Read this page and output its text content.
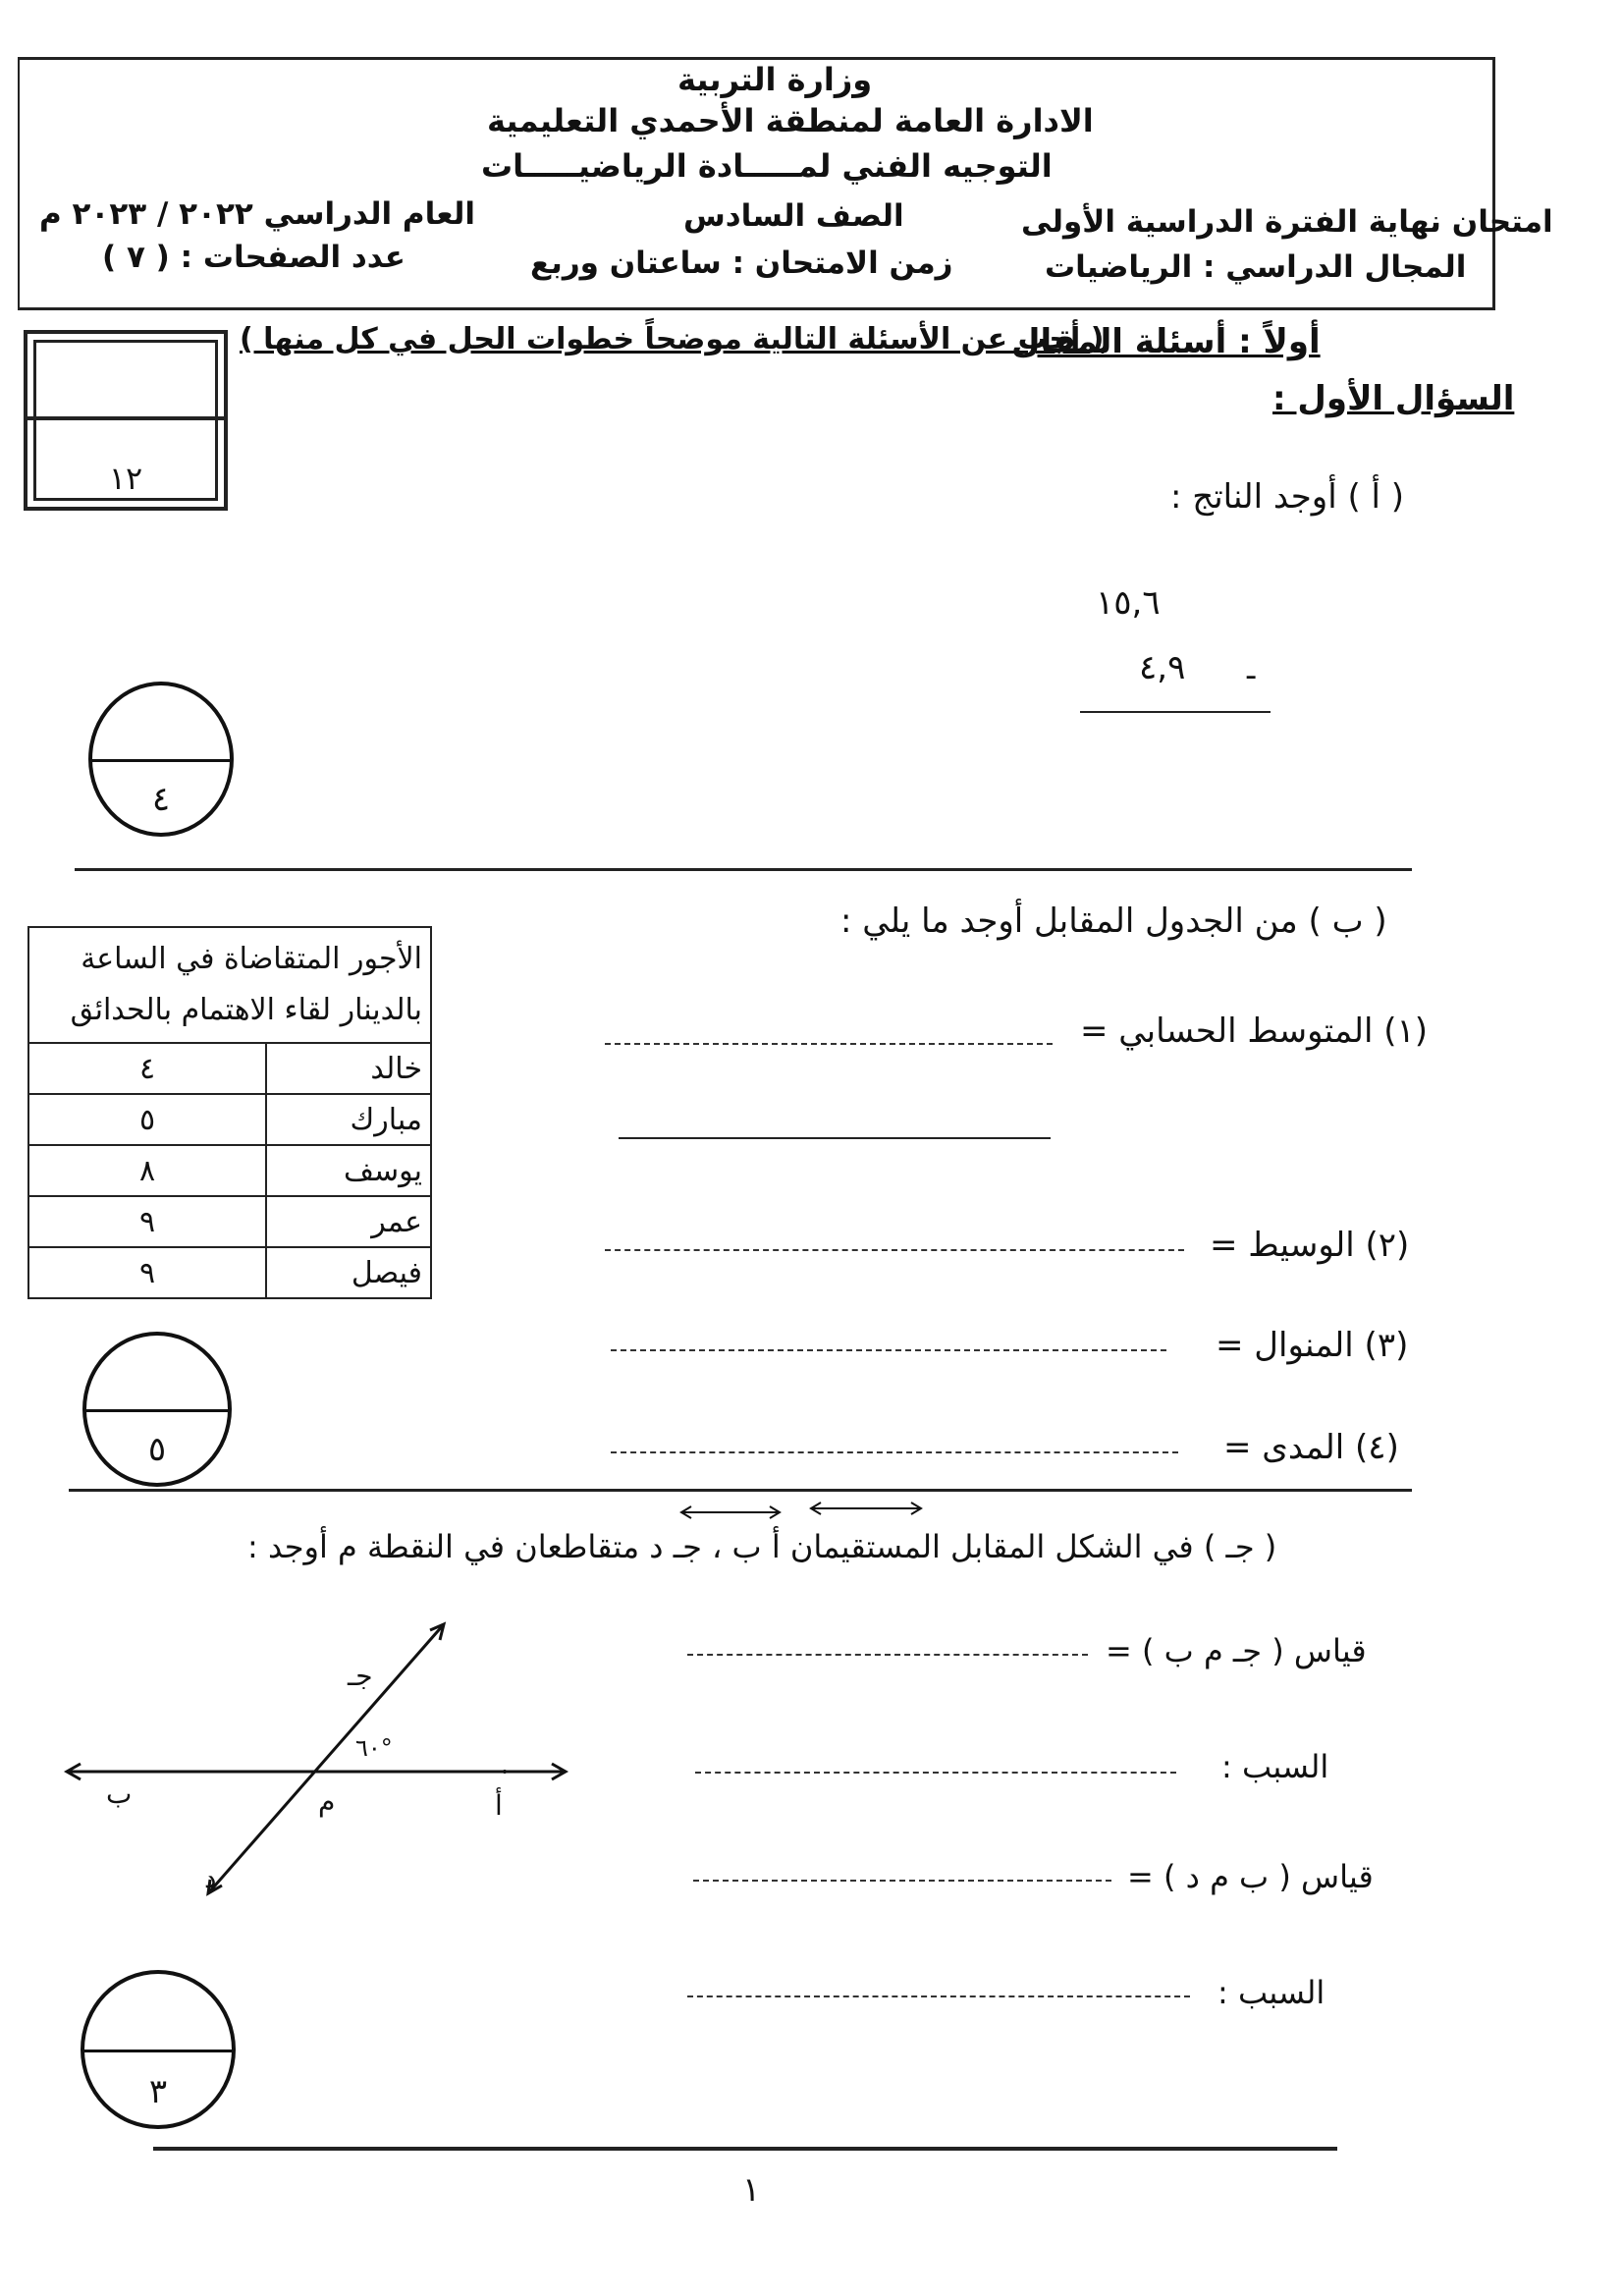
وزارة التربية
الادارة العامة لمنطقة الأحمدي التعليمية
التوجيه الفني لمـــــادة الرياضيـــــات
امتحان نهاية الفترة الدراسية الأولى
الصف السادس
العام الدراسي ٢٠٢٢ / ٢٠٢٣ م
المجال الدراسي : الرياضيات
زمن الامتحان : ساعتان وربع
عدد الصفحات : ( ٧ )
أولاً : أسئلة المقال
( أجب عن الأسئلة التالية موضحاً خطوات الحل في كل منها )
١٢
السؤال الأول :
( أ ) أوجد الناتج :
١٥,٦
٤,٩ -
٤
( ب ) من الجدول المقابل أوجد ما يلي :
الأجور المتقاضاة في الساعة بالدينار لقاء الاهتمام بالحدائق	
خالد	٤
مبارك	٥
يوسف	٨
عمر	٩
فيصل	٩
(١) المتوسط الحسابي =
(٢) الوسيط =
(٣) المنوال =
(٤) المدى =
٥
( جـ ) في الشكل المقابل المستقيمان أ ب ، جـ د متقاطعان في النقطة م أوجد :
قياس ( جـ م ب ) =
السبب :
قياس ( ب م د ) =
السبب :
جـ
٦٠°
ب	م	أ
د
٣
١
